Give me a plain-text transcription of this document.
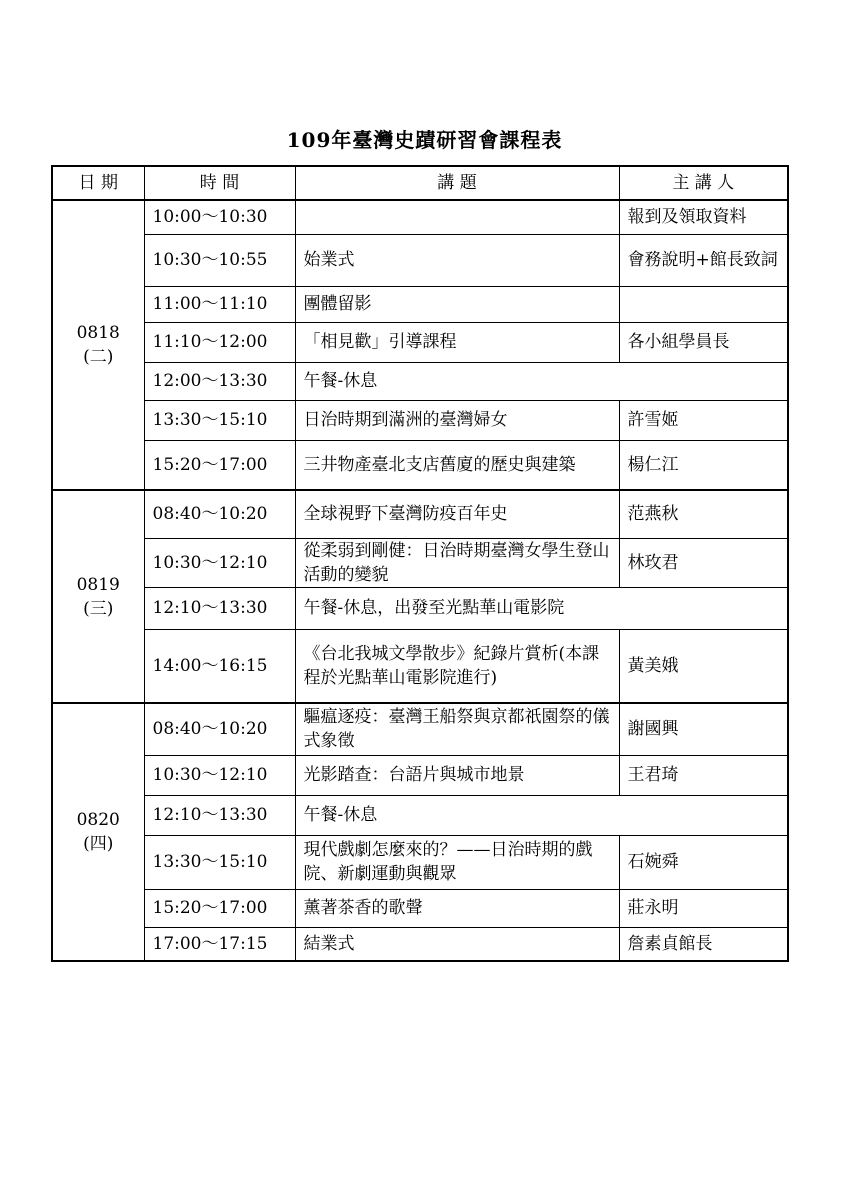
109年臺灣史蹟研習會課程表
日 期	時 間	講 題	主 講 人

0818
(二)	10:00～10:30		報到及領取資料
	10:30～10:55	始業式	會務說明+館長致詞
	11:00～11:10	團體留影	
	11:10～12:00	「相見歡」引導課程	各小組學員長
	12:00～13:30	午餐-休息	
	13:30～15:10	日治時期到滿洲的臺灣婦女	許雪姬
	15:20～17:00	三井物產臺北支店舊廈的歷史與建築	楊仁江

0819
(三)	08:40～10:20	全球視野下臺灣防疫百年史	范燕秋
	10:30～12:10	從柔弱到剛健：日治時期臺灣女學生登山活動的變貌	林玫君
	12:10～13:30	午餐-休息，出發至光點華山電影院	
	14:00～16:15	《台北我城文學散步》紀錄片賞析(本課程於光點華山電影院進行)	黃美娥

0820
(四)	08:40～10:20	驅瘟逐疫：臺灣王船祭與京都祇園祭的儀式象徵	謝國興
	10:30～12:10	光影踏查：台語片與城市地景	王君琦
	12:10～13:30	午餐-休息	
	13:30～15:10	現代戲劇怎麼來的？——日治時期的戲院、新劇運動與觀眾	石婉舜
	15:20～17:00	薰著茶香的歌聲	莊永明
	17:00～17:15	結業式	詹素貞館長
